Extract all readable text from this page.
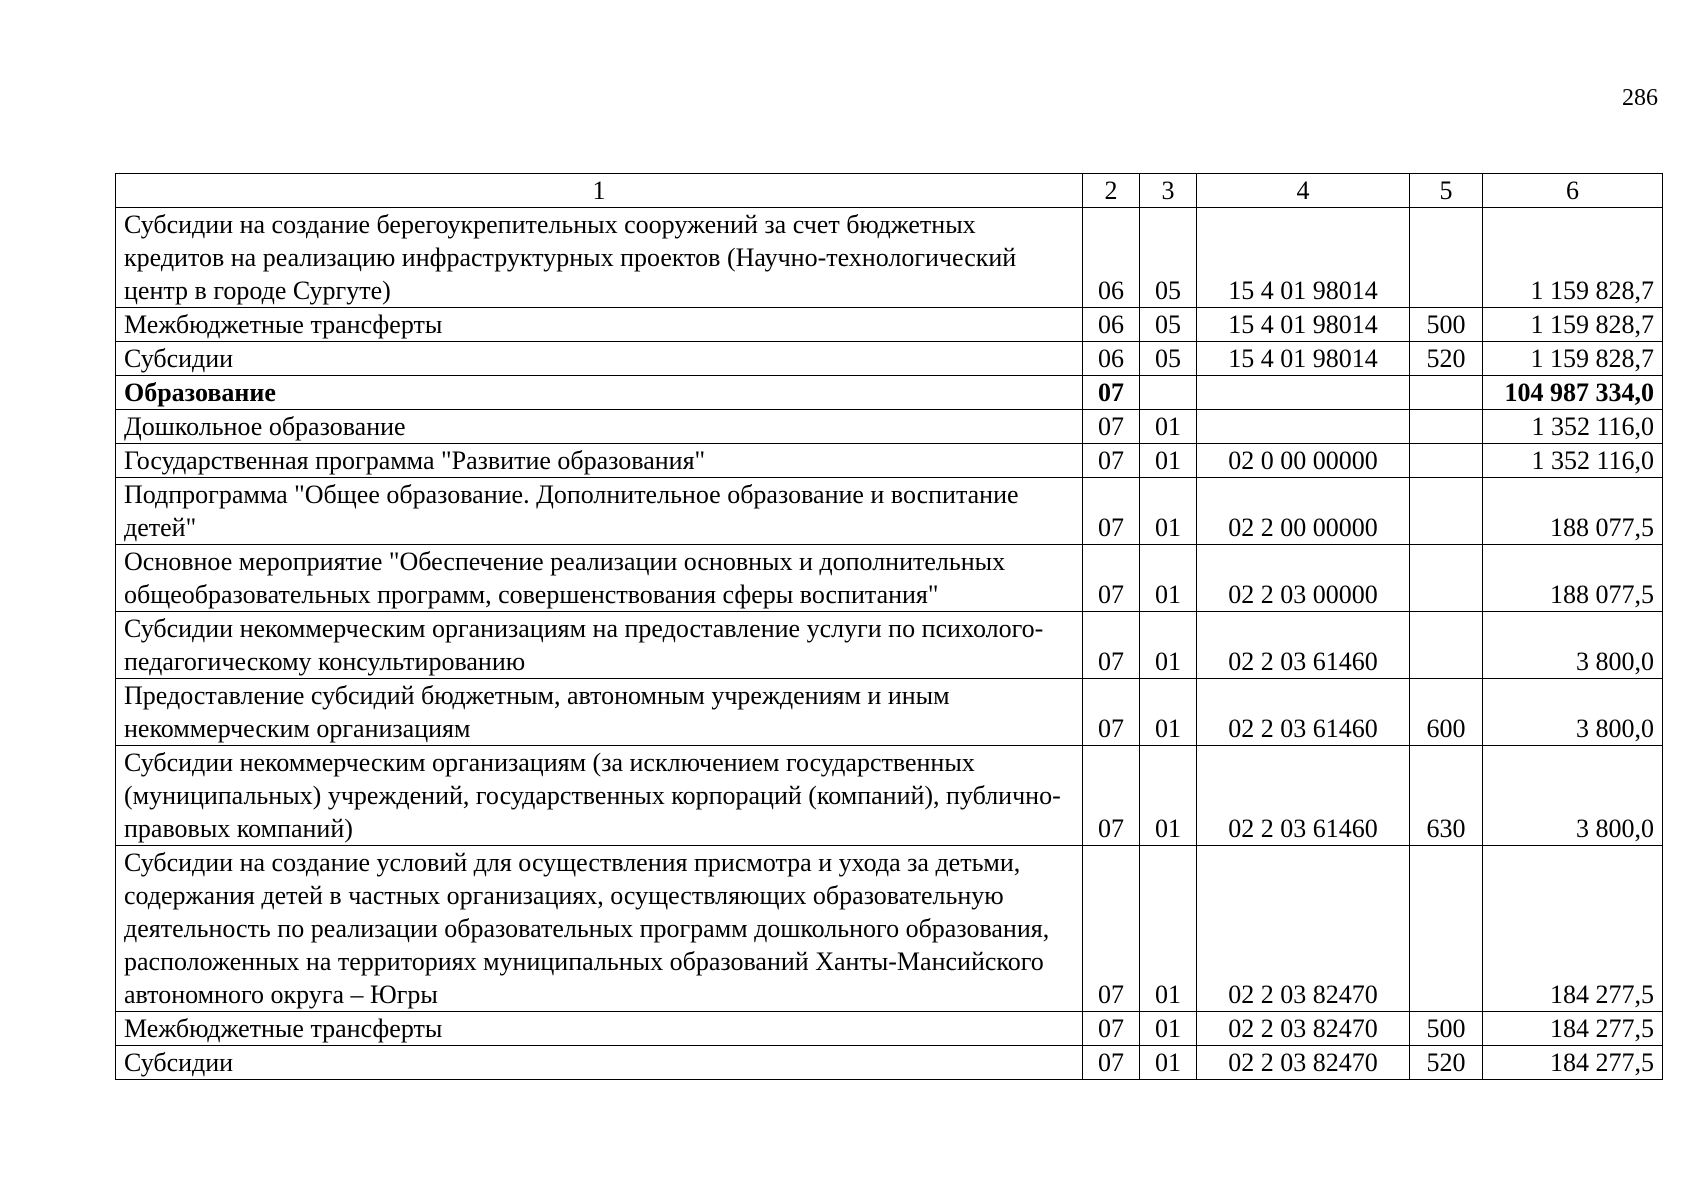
286
1	2	3	4	5	6
Субсидии на создание берегоукрепительных сооружений за счет бюджетных кредитов на реализацию инфраструктурных проектов (Научно-технологический центр в городе Сургуте)	06	05	15 4 01 98014		1 159 828,7
Межбюджетные трансферты	06	05	15 4 01 98014	500	1 159 828,7
Субсидии	06	05	15 4 01 98014	520	1 159 828,7
Образование	07				104 987 334,0
Дошкольное образование	07	01			1 352 116,0
Государственная программа "Развитие образования"	07	01	02 0 00 00000		1 352 116,0
Подпрограмма "Общее образование. Дополнительное образование и воспитание детей"	07	01	02 2 00 00000		188 077,5
Основное мероприятие "Обеспечение реализации основных и дополнительных общеобразовательных программ, совершенствования сферы воспитания"	07	01	02 2 03 00000		188 077,5
Субсидии некоммерческим организациям на предоставление услуги по психолого-педагогическому консультированию	07	01	02 2 03 61460		3 800,0
Предоставление субсидий бюджетным, автономным учреждениям и иным некоммерческим организациям	07	01	02 2 03 61460	600	3 800,0
Субсидии некоммерческим организациям (за исключением государственных (муниципальных) учреждений, государственных корпораций (компаний), публично-правовых компаний)	07	01	02 2 03 61460	630	3 800,0
Субсидии на создание условий для осуществления присмотра и ухода за детьми, содержания детей в частных организациях, осуществляющих образовательную деятельность по реализации образовательных программ дошкольного образования, расположенных на территориях муниципальных образований Ханты-Мансийского автономного округа – Югры	07	01	02 2 03 82470		184 277,5
Межбюджетные трансферты	07	01	02 2 03 82470	500	184 277,5
Субсидии	07	01	02 2 03 82470	520	184 277,5
